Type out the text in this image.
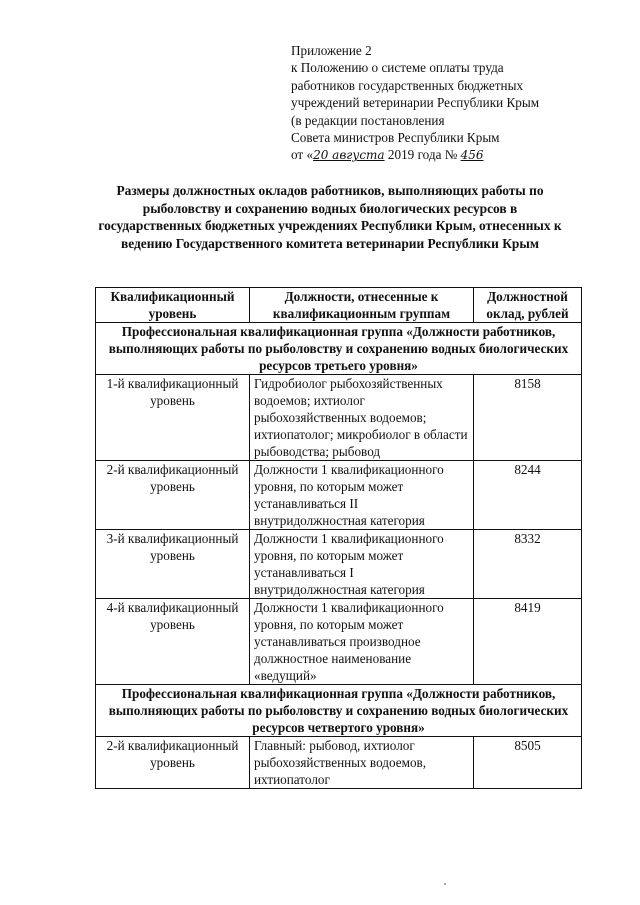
Приложение 2
к Положению о системе оплаты труда
работников государственных бюджетных
учреждений ветеринарии Республики Крым
(в редакции постановления
Совета министров Республики Крым
от «20 августа 2019 года № 456
Размеры должностных окладов работников, выполняющих работы по рыболовству и сохранению водных биологических ресурсов в государственных бюджетных учреждениях Республики Крым, отнесенных к ведению Государственного комитета ветеринарии Республики Крым
Квалификационный уровень	Должности, отнесенные к квалификационным группам	Должностной оклад, рублей
Профессиональная квалификационная группа «Должности работников, выполняющих работы по рыболовству и сохранению водных биологических ресурсов третьего уровня»		
1-й квалификационный уровень	Гидробиолог рыбохозяйственных водоемов; ихтиолог рыбохозяйственных водоемов; ихтиопатолог; микробиолог в области рыбоводства; рыбовод	8158
2-й квалификационный уровень	Должности 1 квалификационного уровня, по которым может устанавливаться II внутридолжностная категория	8244
3-й квалификационный уровень	Должности 1 квалификационного уровня, по которым может устанавливаться I внутридолжностная категория	8332
4-й квалификационный уровень	Должности 1 квалификационного уровня, по которым может устанавливаться производное должностное наименование «ведущий»	8419
Профессиональная квалификационная группа «Должности работников, выполняющих работы по рыболовству и сохранению водных биологических ресурсов четвертого уровня»		
2-й квалификационный уровень	Главный: рыбовод, ихтиолог рыбохозяйственных водоемов, ихтиопатолог	8505
